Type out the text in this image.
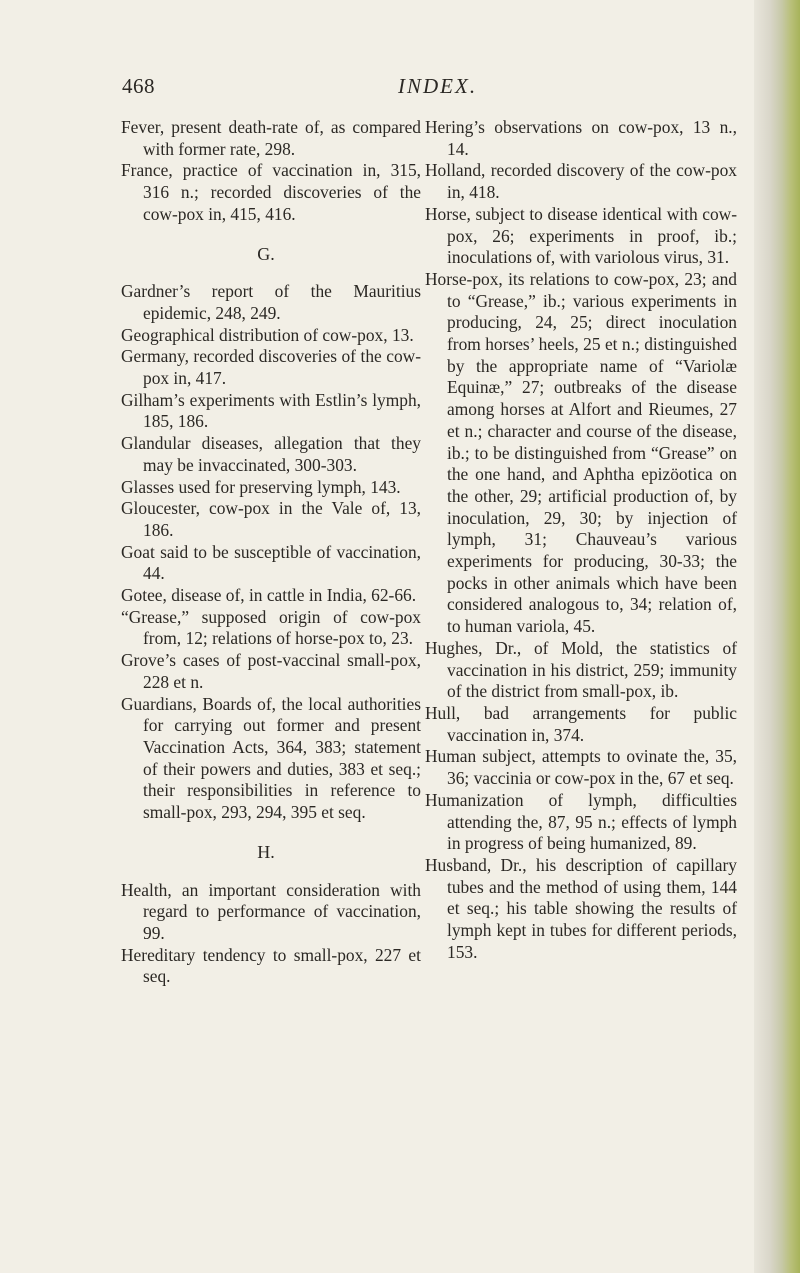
468	INDEX.
Fever, present death-rate of, as compared with former rate, 298.
France, practice of vaccination in, 315, 316 n.; recorded discoveries of the cow-pox in, 415, 416.
G.
Gardner’s report of the Mauritius epidemic, 248, 249.
Geographical distribution of cow-pox, 13.
Germany, recorded discoveries of the cow-pox in, 417.
Gilham’s experiments with Estlin’s lymph, 185, 186.
Glandular diseases, allegation that they may be invaccinated, 300-303.
Glasses used for preserving lymph, 143.
Gloucester, cow-pox in the Vale of, 13, 186.
Goat said to be susceptible of vaccination, 44.
Gotee, disease of, in cattle in India, 62-66.
“Grease,” supposed origin of cow-pox from, 12; relations of horse-pox to, 23.
Grove’s cases of post-vaccinal small-pox, 228 et n.
Guardians, Boards of, the local authorities for carrying out former and present Vaccination Acts, 364, 383; statement of their powers and duties, 383 et seq.; their responsibilities in reference to small-pox, 293, 294, 395 et seq.
H.
Health, an important consideration with regard to performance of vaccination, 99.
Hereditary tendency to small-pox, 227 et seq.
Hering’s observations on cow-pox, 13 n., 14.
Holland, recorded discovery of the cow-pox in, 418.
Horse, subject to disease identical with cow-pox, 26; experiments in proof, ib.; inoculations of, with variolous virus, 31.
Horse-pox, its relations to cow-pox, 23; and to “Grease,” ib.; various experiments in producing, 24, 25; direct inoculation from horses’ heels, 25 et n.; distinguished by the appropriate name of “Variolæ Equinæ,” 27; outbreaks of the disease among horses at Alfort and Rieumes, 27 et n.; character and course of the disease, ib.; to be distinguished from “Grease” on the one hand, and Aphtha epizöotica on the other, 29; artificial production of, by inoculation, 29, 30; by injection of lymph, 31; Chauveau’s various experiments for producing, 30-33; the pocks in other animals which have been considered analogous to, 34; relation of, to human variola, 45.
Hughes, Dr., of Mold, the statistics of vaccination in his district, 259; immunity of the district from small-pox, ib.
Hull, bad arrangements for public vaccination in, 374.
Human subject, attempts to ovinate the, 35, 36; vaccinia or cow-pox in the, 67 et seq.
Humanization of lymph, difficulties attending the, 87, 95 n.; effects of lymph in progress of being humanized, 89.
Husband, Dr., his description of capillary tubes and the method of using them, 144 et seq.; his table showing the results of lymph kept in tubes for different periods, 153.
